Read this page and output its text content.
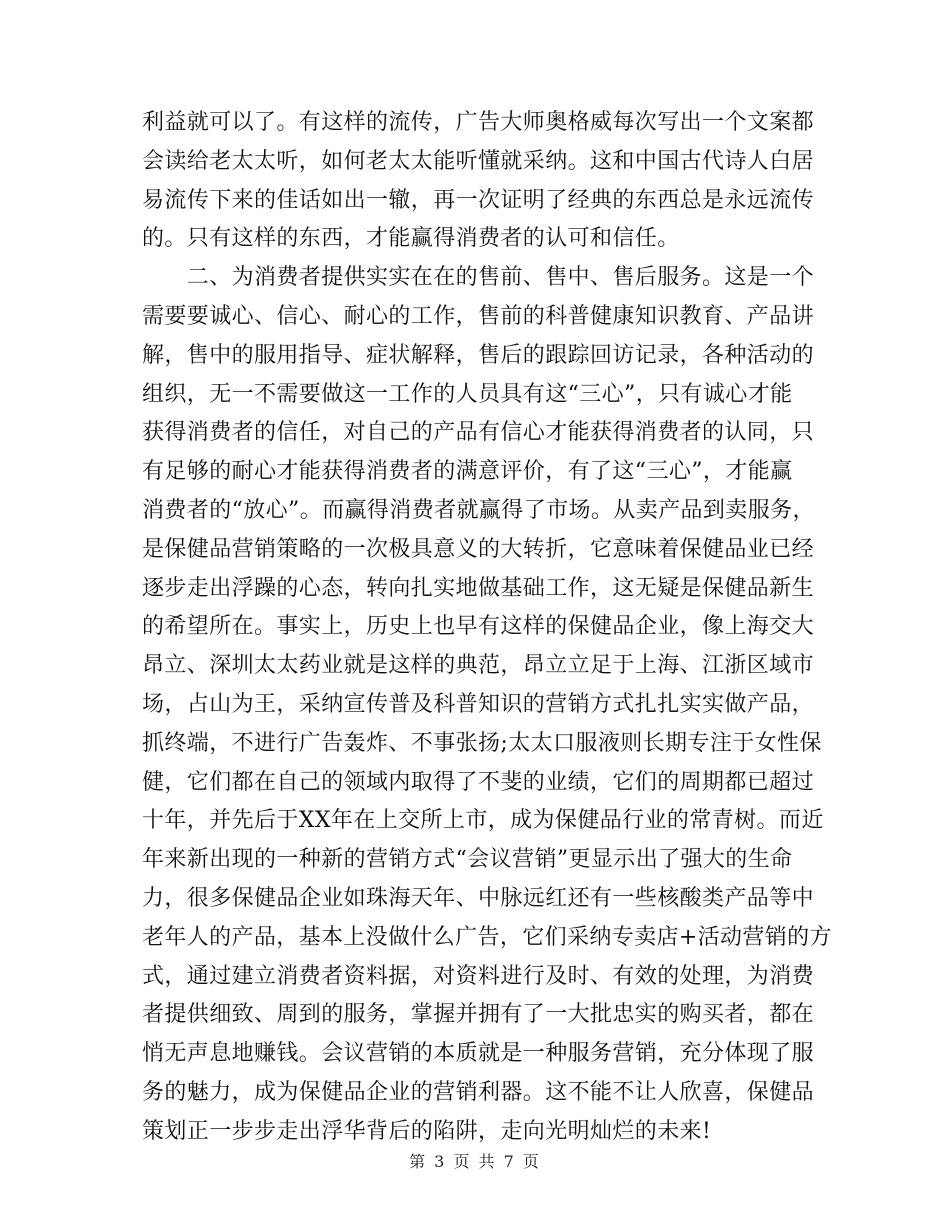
利益就可以了。有这样的流传，广告大师奥格威每次写出一个文案都
会读给老太太听，如何老太太能听懂就采纳。这和中国古代诗人白居
易流传下来的佳话如出一辙，再一次证明了经典的东西总是永远流传
的。只有这样的东西，才能赢得消费者的认可和信任。
　　二、为消费者提供实实在在的售前、售中、售后服务。这是一个
需要要诚心、信心、耐心的工作，售前的科普健康知识教育、产品讲
解，售中的服用指导、症状解释，售后的跟踪回访记录，各种活动的
组织，无一不需要做这一工作的人员具有这“三心”，只有诚心才能
获得消费者的信任，对自己的产品有信心才能获得消费者的认同，只
有足够的耐心才能获得消费者的满意评价，有了这“三心”，才能赢
消费者的“放心”。而赢得消费者就赢得了市场。从卖产品到卖服务，
是保健品营销策略的一次极具意义的大转折，它意味着保健品业已经
逐步走出浮躁的心态，转向扎实地做基础工作，这无疑是保健品新生
的希望所在。事实上，历史上也早有这样的保健品企业，像上海交大
昂立、深圳太太药业就是这样的典范，昂立立足于上海、江浙区域市
场，占山为王，采纳宣传普及科普知识的营销方式扎扎实实做产品，
抓终端，不进行广告轰炸、不事张扬;太太口服液则长期专注于女性保
健，它们都在自己的领域内取得了不斐的业绩，它们的周期都已超过
十年，并先后于XX年在上交所上市，成为保健品行业的常青树。而近
年来新出现的一种新的营销方式“会议营销”更显示出了强大的生命
力，很多保健品企业如珠海天年、中脉远红还有一些核酸类产品等中
老年人的产品，基本上没做什么广告，它们采纳专卖店+活动营销的方
式，通过建立消费者资料据，对资料进行及时、有效的处理，为消费
者提供细致、周到的服务，掌握并拥有了一大批忠实的购买者，都在
悄无声息地赚钱。会议营销的本质就是一种服务营销，充分体现了服
务的魅力，成为保健品企业的营销利器。这不能不让人欣喜，保健品
策划正一步步走出浮华背后的陷阱，走向光明灿烂的未来!
第 3 页 共 7 页
